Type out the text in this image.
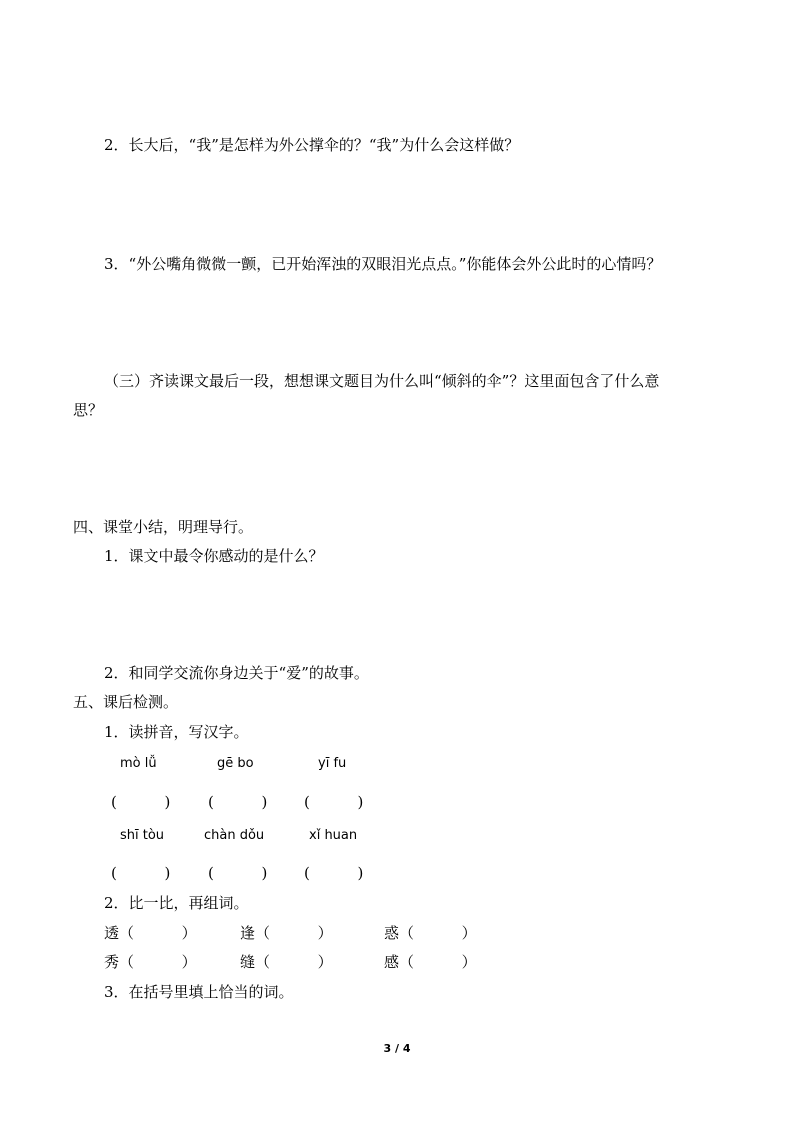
2．长大后，“我”是怎样为外公撑伞的？“我”为什么会这样做？
3．“外公嘴角微微一颤，已开始浑浊的双眼泪光点点。”你能体会外公此时的心情吗？
（三）齐读课文最后一段，想想课文题目为什么叫“倾斜的伞”？这里面包含了什么意
思？
四、课堂小结，明理导行。
1．课文中最令你感动的是什么？
2．和同学交流你身边关于“爱”的故事。
五、课后检测。
1．读拼音，写汉字。
mò lǚ	gē bo	yī fu
(          )	(          ) (          )
shī tòu	chàn dǒu	xǐ huan
(          )	(          ) (          )
2．比一比，再组词。
透（          ）	逢（          ）	惑（          ）
秀（          ）	缝（          ）	感（          ）
3．在括号里填上恰当的词。
3 / 4
